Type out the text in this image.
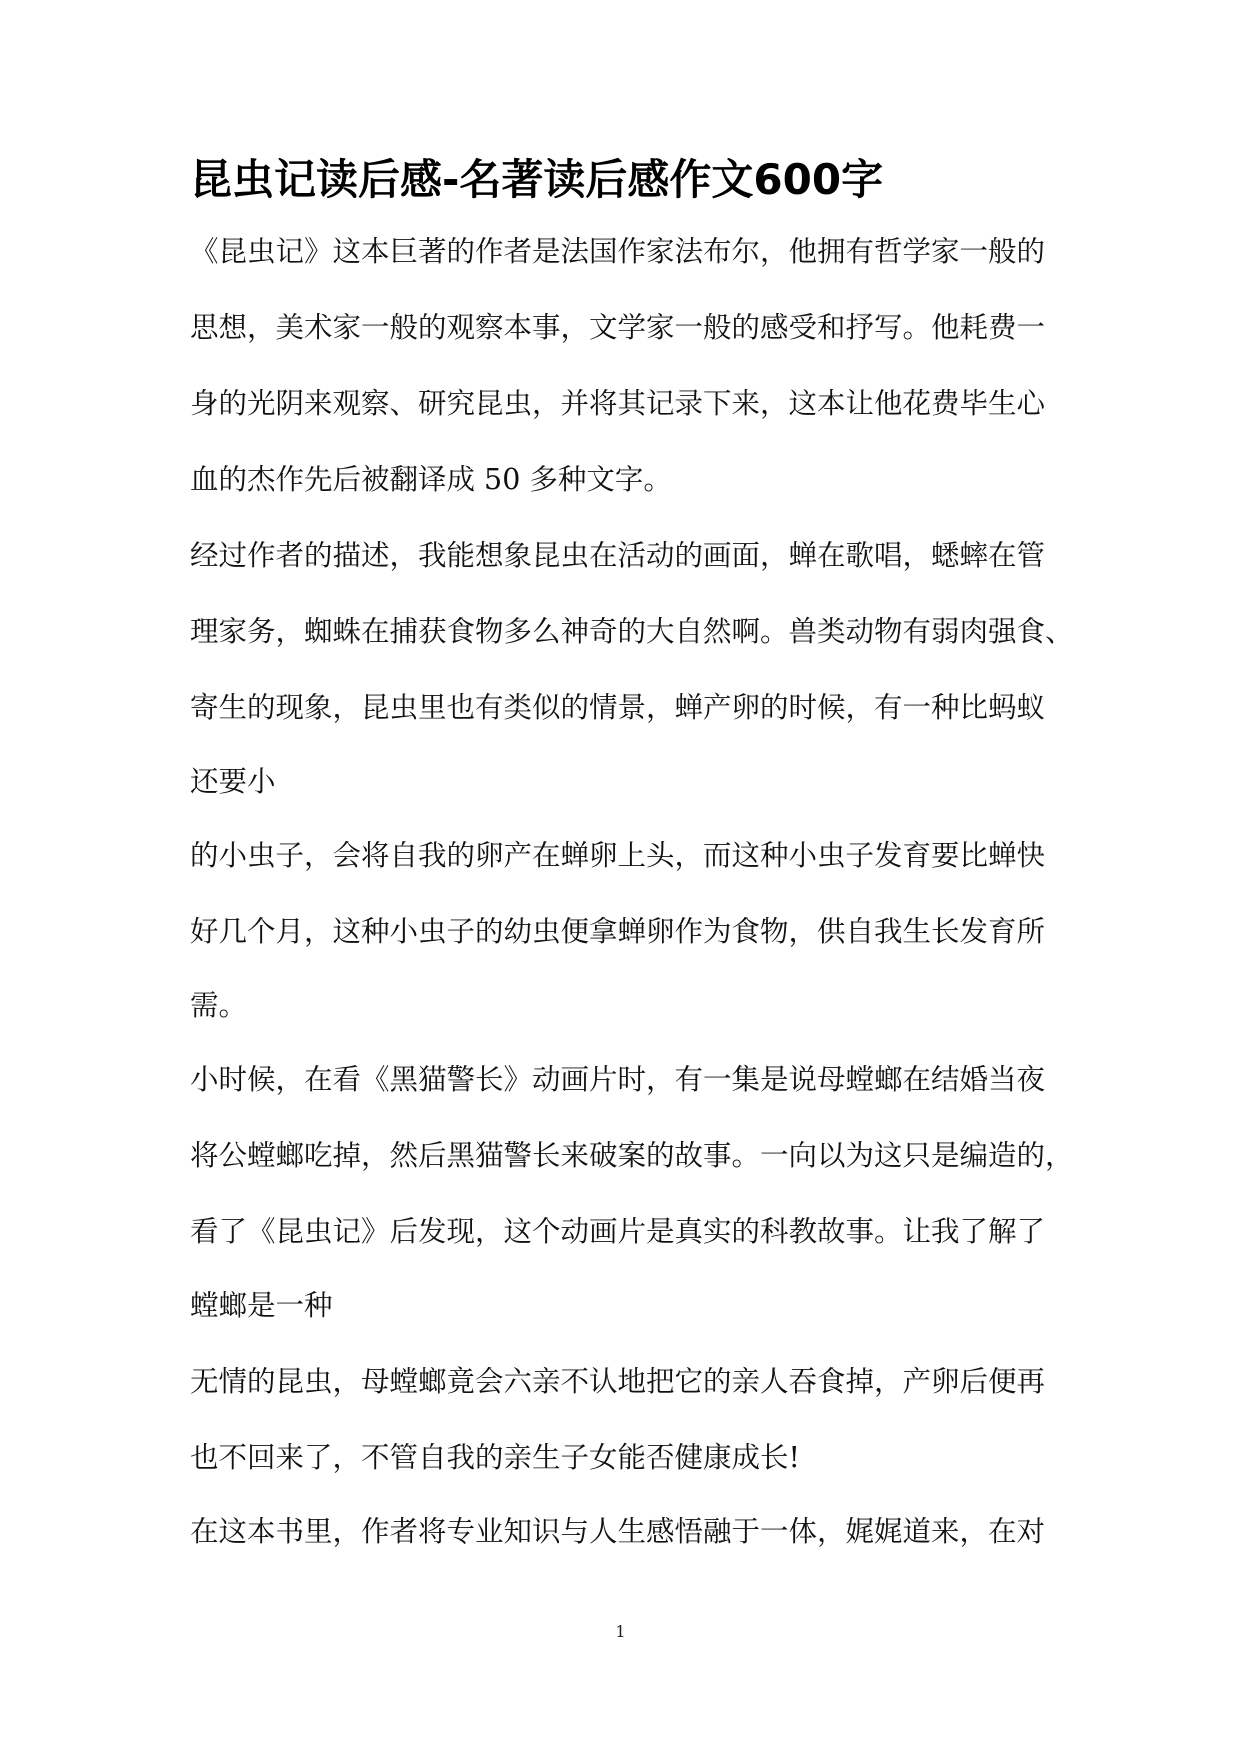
昆虫记读后感-名著读后感作文600字
《昆虫记》这本巨著的作者是法国作家法布尔，他拥有哲学家一般的
思想，美术家一般的观察本事，文学家一般的感受和抒写。他耗费一
身的光阴来观察、研究昆虫，并将其记录下来，这本让他花费毕生心
血的杰作先后被翻译成 50 多种文字。
经过作者的描述，我能想象昆虫在活动的画面，蝉在歌唱，蟋蟀在管
理家务，蜘蛛在捕获食物多么神奇的大自然啊。兽类动物有弱肉强食、
寄生的现象，昆虫里也有类似的情景，蝉产卵的时候，有一种比蚂蚁
还要小
的小虫子，会将自我的卵产在蝉卵上头，而这种小虫子发育要比蝉快
好几个月，这种小虫子的幼虫便拿蝉卵作为食物，供自我生长发育所
需。
小时候，在看《黑猫警长》动画片时，有一集是说母螳螂在结婚当夜
将公螳螂吃掉，然后黑猫警长来破案的故事。一向以为这只是编造的，
看了《昆虫记》后发现，这个动画片是真实的科教故事。让我了解了
螳螂是一种
无情的昆虫，母螳螂竟会六亲不认地把它的亲人吞食掉，产卵后便再
也不回来了，不管自我的亲生子女能否健康成长!
在这本书里，作者将专业知识与人生感悟融于一体，娓娓道来，在对
1
